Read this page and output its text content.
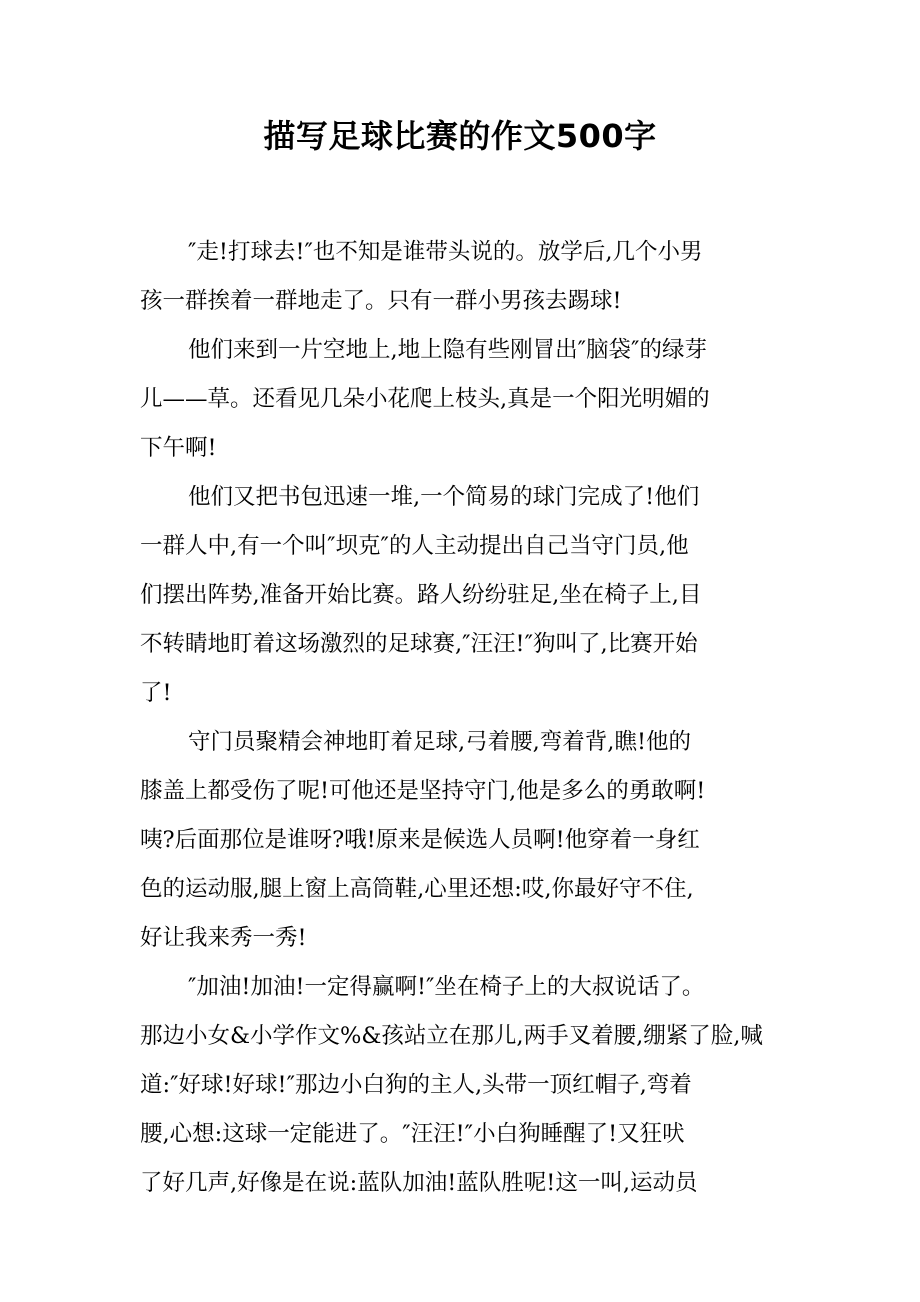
描写足球比赛的作文500字
″走!打球去!″也不知是谁带头说的。放学后,几个小男
孩一群挨着一群地走了。只有一群小男孩去踢球!
他们来到一片空地上,地上隐有些刚冒出″脑袋″的绿芽
儿——草。还看见几朵小花爬上枝头,真是一个阳光明媚的
下午啊!
他们又把书包迅速一堆,一个简易的球门完成了!他们
一群人中,有一个叫″坝克″的人主动提出自己当守门员,他
们摆出阵势,准备开始比赛。路人纷纷驻足,坐在椅子上,目
不转睛地盯着这场激烈的足球赛,″汪汪!″狗叫了,比赛开始
了!
守门员聚精会神地盯着足球,弓着腰,弯着背,瞧!他的
膝盖上都受伤了呢!可他还是坚持守门,他是多么的勇敢啊!
咦?后面那位是谁呀?哦!原来是候选人员啊!他穿着一身红
色的运动服,腿上窗上高筒鞋,心里还想:哎,你最好守不住,
好让我来秀一秀!
″加油!加油!一定得赢啊!″坐在椅子上的大叔说话了。
那边小女&小学作文%&孩站立在那儿,两手叉着腰,绷紧了脸,喊
道:″好球!好球!″那边小白狗的主人,头带一顶红帽子,弯着
腰,心想:这球一定能进了。″汪汪!″小白狗睡醒了!又狂吠
了好几声,好像是在说:蓝队加油!蓝队胜呢!这一叫,运动员
